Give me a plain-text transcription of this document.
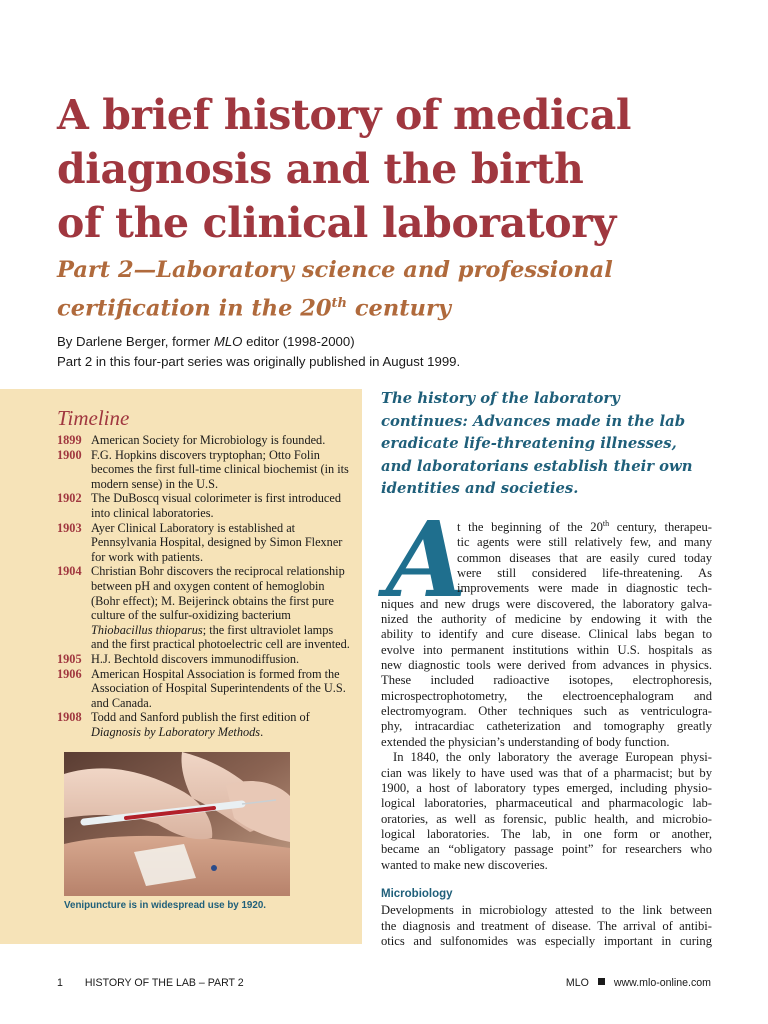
A brief history of medical
diagnosis and the birth
of the clinical laboratory
Part 2—Laboratory science and professional
certification in the 20th century
By Darlene Berger, former MLO editor (1998-2000)
Part 2 in this four-part series was originally published in August 1999.
Timeline
1899 American Society for Microbiology is founded.
1900 F.G. Hopkins discovers tryptophan; Otto Folin becomes the first full-time clinical biochemist (in its modern sense) in the U.S.
1902 The DuBoscq visual colorimeter is first introduced into clinical laboratories.
1903 Ayer Clinical Laboratory is established at Pennsylvania Hospital, designed by Simon Flexner for work with patients.
1904 Christian Bohr discovers the reciprocal relationship between pH and oxygen content of hemoglobin (Bohr effect); M. Beijerinck obtains the first pure culture of the sulfur-oxidizing bacterium Thiobacillus thioparus; the first ultraviolet lamps and the first practical photoelectric cell are invented.
1905 H.J. Bechtold discovers immunodiffusion.
1906 American Hospital Association is formed from the Association of Hospital Superintendents of the U.S. and Canada.
1908 Todd and Sanford publish the first edition of Diagnosis by Laboratory Methods.
Venipuncture is in widespread use by 1920.
The history of the laboratory
continues: Advances made in the lab
eradicate life-threatening illnesses,
and laboratorians establish their own
identities and societies.
A
t the beginning of the 20th century, therapeu-
tic agents were still relatively few, and many
common diseases that are easily cured today
were still considered life-threatening. As
improvements were made in diagnostic tech-
niques and new drugs were discovered, the laboratory galva-
nized the authority of medicine by endowing it with the
ability to identify and cure disease. Clinical labs began to
evolve into permanent institutions within U.S. hospitals as
new diagnostic tools were derived from advances in physics.
These included radioactive isotopes, electrophoresis,
microspectrophotometry, the electroencephalogram and
electromyogram. Other techniques such as ventriculogra-
phy, intracardiac catheterization and tomography greatly
extended the physician’s understanding of body function.
In 1840, the only laboratory the average European physi-
cian was likely to have used was that of a pharmacist; but by
1900, a host of laboratory types emerged, including physio-
logical laboratories, pharmaceutical and pharmacologic lab-
oratories, as well as forensic, public health, and microbio-
logical laboratories. The lab, in one form or another,
became an “obligatory passage point” for researchers who
wanted to make new discoveries.
Microbiology
Developments in microbiology attested to the link between
the diagnosis and treatment of disease. The arrival of antibi-
otics and sulfonomides was especially important in curing
1 HISTORY OF THE LAB – PART 2	MLO www.mlo-online.com
